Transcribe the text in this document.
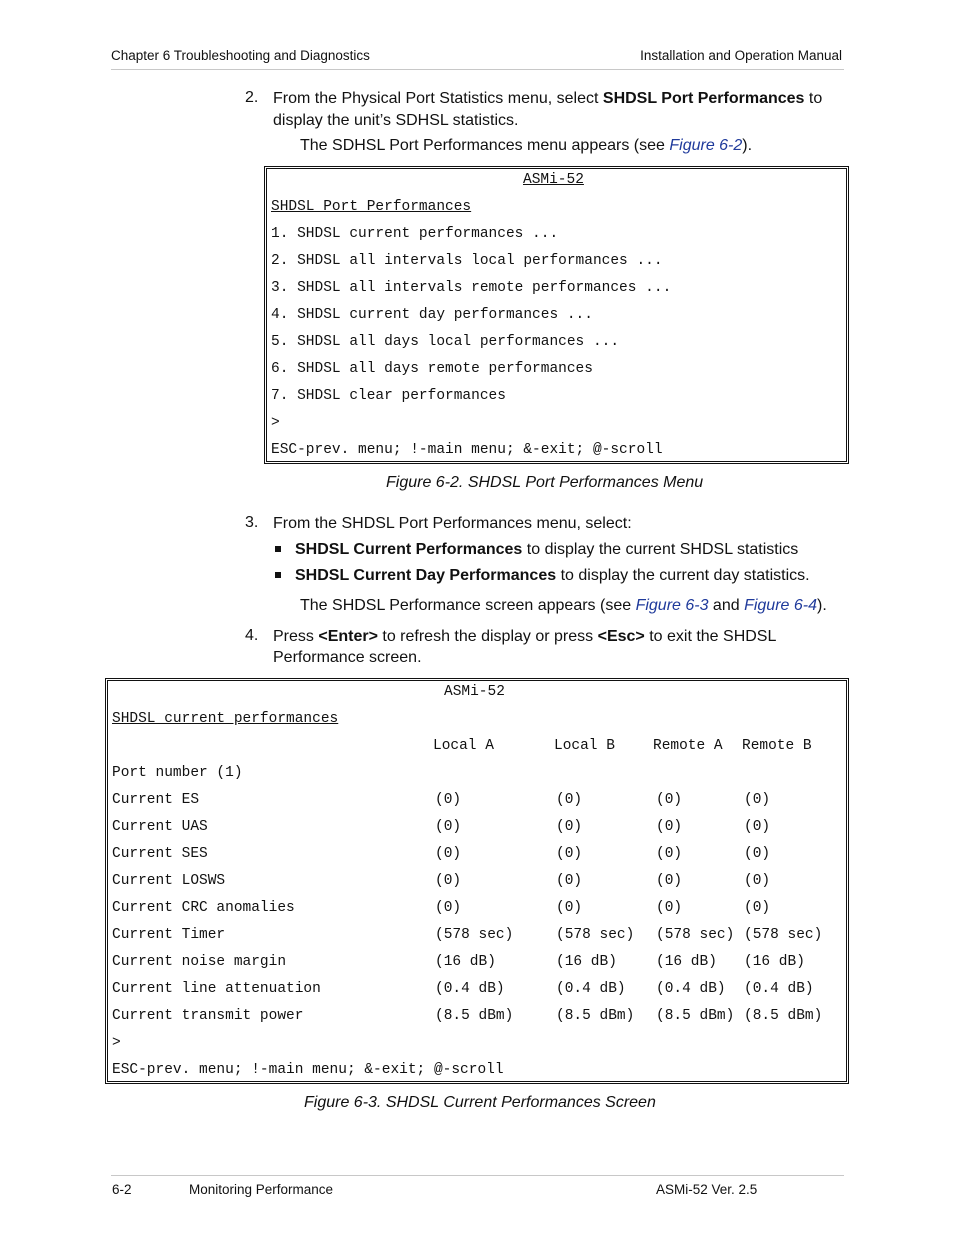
Chapter 6 Troubleshooting and Diagnostics	Installation and Operation Manual
2. From the Physical Port Statistics menu, select SHDSL Port Performances to
display the unit’s SDHSL statistics.
The SDHSL Port Performances menu appears (see Figure 6-2).
ASMi-52
SHDSL Port Performances
1. SHDSL current performances ...
2. SHDSL all intervals local performances ...
3. SHDSL all intervals remote performances ...
4. SHDSL current day performances ...
5. SHDSL all days local performances ...
6. SHDSL all days remote performances
7. SHDSL clear performances
>
ESC-prev. menu; !-main menu; &-exit; @-scroll
Figure 6-2. SHDSL Port Performances Menu
3. From the SHDSL Port Performances menu, select:
SHDSL Current Performances to display the current SHDSL statistics
SHDSL Current Day Performances to display the current day statistics.
The SHDSL Performance screen appears (see Figure 6-3 and Figure 6-4).
4. Press <Enter> to refresh the display or press <Esc> to exit the SHDSL
Performance screen.
ASMi-52
SHDSL current performances
Local A	Local B	Remote A Remote B
Port number (1)
Current ES	(0)	(0)	(0)	(0)
Current UAS	(0)	(0)	(0)	(0)
Current SES	(0)	(0)	(0)	(0)
Current LOSWS	(0)	(0)	(0)	(0)
Current CRC anomalies	(0)	(0)	(0)	(0)
Current Timer	(578 sec)	(578 sec) (578 sec) (578 sec)
Current noise margin	(16 dB)	(16 dB)	(16 dB) (16 dB)
Current line attenuation	(0.4 dB)	(0.4 dB) (0.4 dB) (0.4 dB)
Current transmit power	(8.5 dBm)	(8.5 dBm) (8.5 dBm) (8.5 dBm)
>
ESC-prev. menu; !-main menu; &-exit; @-scroll
Figure 6-3. SHDSL Current Performances Screen
6-2	Monitoring Performance	ASMi-52 Ver. 2.5
